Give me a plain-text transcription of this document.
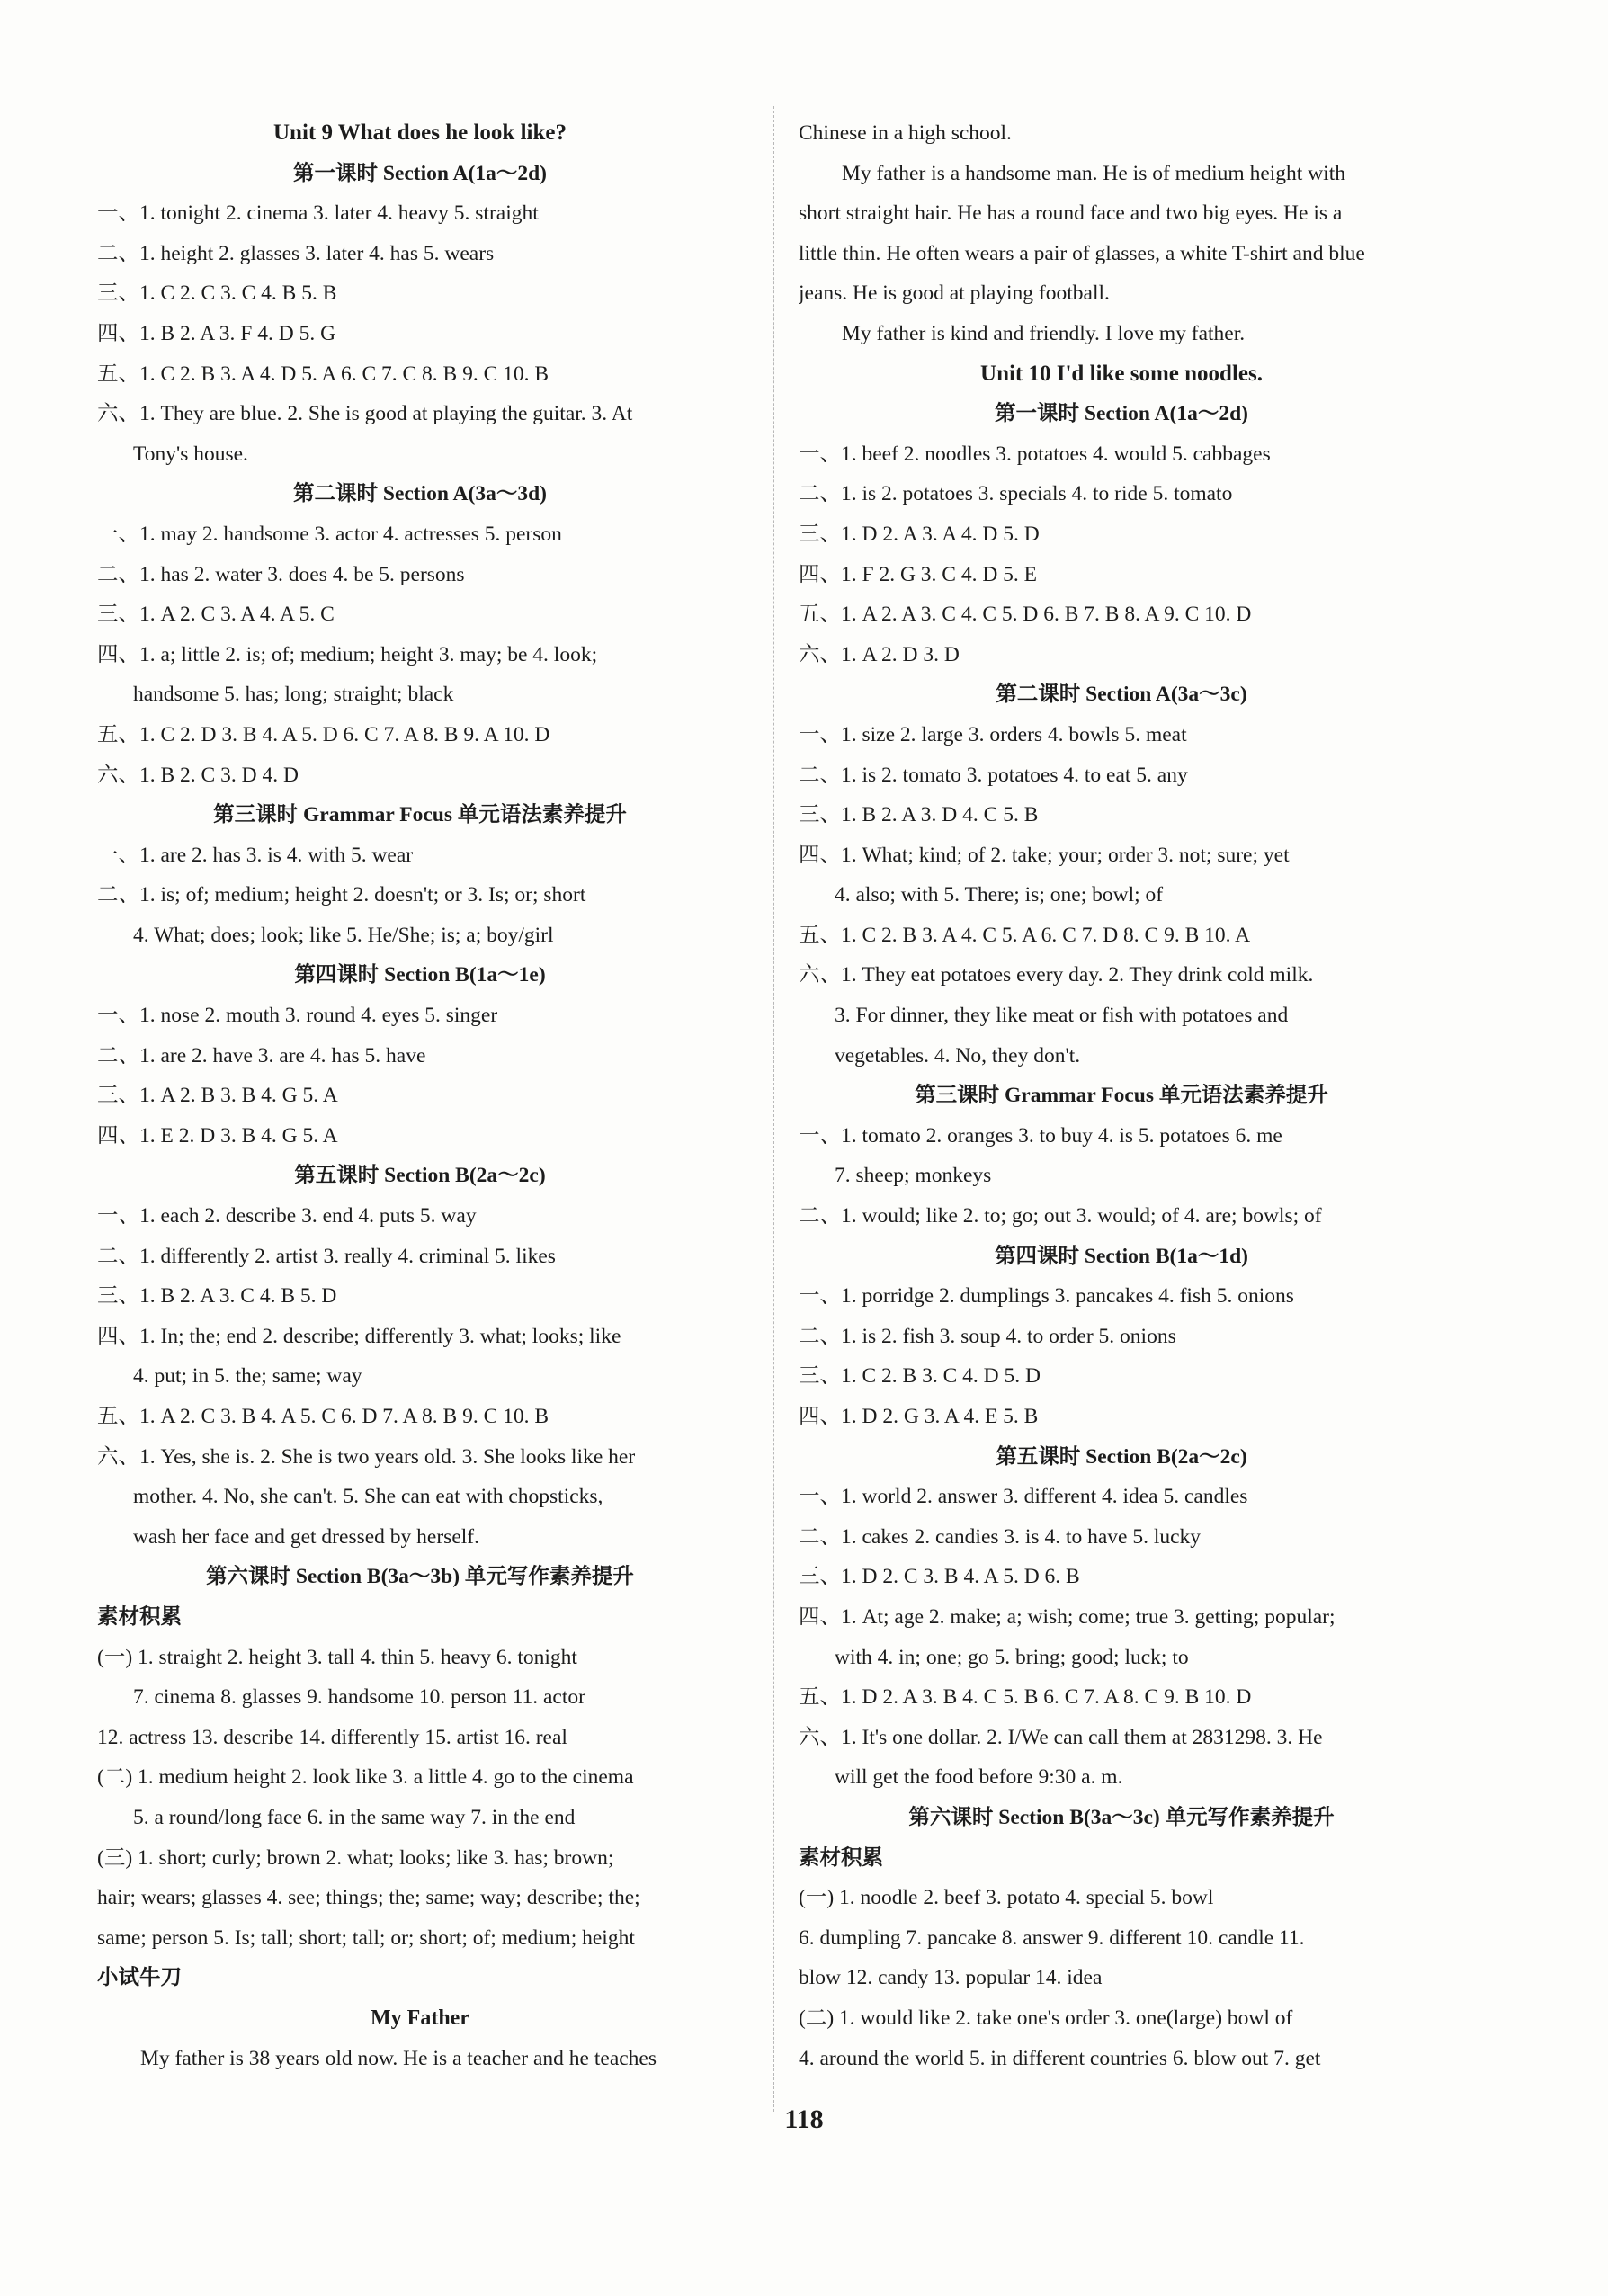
Unit 9 What does he look like?
第一课时 Section A(1a～2d)
一、1. tonight 2. cinema 3. later 4. heavy 5. straight
二、1. height 2. glasses 3. later 4. has 5. wears
三、1. C 2. C 3. C 4. B 5. B
四、1. B 2. A 3. F 4. D 5. G
五、1. C 2. B 3. A 4. D 5. A 6. C 7. C 8. B 9. C 10. B
六、1. They are blue. 2. She is good at playing the guitar. 3. At
Tony's house.
第二课时 Section A(3a～3d)
一、1. may 2. handsome 3. actor 4. actresses 5. person
二、1. has 2. water 3. does 4. be 5. persons
三、1. A 2. C 3. A 4. A 5. C
四、1. a; little 2. is; of; medium; height 3. may; be 4. look;
handsome 5. has; long; straight; black
五、1. C 2. D 3. B 4. A 5. D 6. C 7. A 8. B 9. A 10. D
六、1. B 2. C 3. D 4. D
第三课时 Grammar Focus 单元语法素养提升
一、1. are 2. has 3. is 4. with 5. wear
二、1. is; of; medium; height 2. doesn't; or 3. Is; or; short
4. What; does; look; like 5. He/She; is; a; boy/girl
第四课时 Section B(1a～1e)
一、1. nose 2. mouth 3. round 4. eyes 5. singer
二、1. are 2. have 3. are 4. has 5. have
三、1. A 2. B 3. B 4. G 5. A
四、1. E 2. D 3. B 4. G 5. A
第五课时 Section B(2a～2c)
一、1. each 2. describe 3. end 4. puts 5. way
二、1. differently 2. artist 3. really 4. criminal 5. likes
三、1. B 2. A 3. C 4. B 5. D
四、1. In; the; end 2. describe; differently 3. what; looks; like
4. put; in 5. the; same; way
五、1. A 2. C 3. B 4. A 5. C 6. D 7. A 8. B 9. C 10. B
六、1. Yes, she is. 2. She is two years old. 3. She looks like her
mother. 4. No, she can't. 5. She can eat with chopsticks,
wash her face and get dressed by herself.
第六课时 Section B(3a～3b) 单元写作素养提升
素材积累
(一) 1. straight 2. height 3. tall 4. thin 5. heavy 6. tonight
7. cinema 8. glasses 9. handsome 10. person 11. actor
12. actress 13. describe 14. differently 15. artist 16. real
(二) 1. medium height 2. look like 3. a little 4. go to the cinema
5. a round/long face 6. in the same way 7. in the end
(三) 1. short; curly; brown 2. what; looks; like 3. has; brown;
hair; wears; glasses 4. see; things; the; same; way; describe; the;
same; person 5. Is; tall; short; tall; or; short; of; medium; height
小试牛刀
My Father
My father is 38 years old now. He is a teacher and he teaches
Chinese in a high school.
My father is a handsome man. He is of medium height with
short straight hair. He has a round face and two big eyes. He is a
little thin. He often wears a pair of glasses, a white T-shirt and blue
jeans. He is good at playing football.
My father is kind and friendly. I love my father.
Unit 10 I'd like some noodles.
第一课时 Section A(1a～2d)
一、1. beef 2. noodles 3. potatoes 4. would 5. cabbages
二、1. is 2. potatoes 3. specials 4. to ride 5. tomato
三、1. D 2. A 3. A 4. D 5. D
四、1. F 2. G 3. C 4. D 5. E
五、1. A 2. A 3. C 4. C 5. D 6. B 7. B 8. A 9. C 10. D
六、1. A 2. D 3. D
第二课时 Section A(3a～3c)
一、1. size 2. large 3. orders 4. bowls 5. meat
二、1. is 2. tomato 3. potatoes 4. to eat 5. any
三、1. B 2. A 3. D 4. C 5. B
四、1. What; kind; of 2. take; your; order 3. not; sure; yet
4. also; with 5. There; is; one; bowl; of
五、1. C 2. B 3. A 4. C 5. A 6. C 7. D 8. C 9. B 10. A
六、1. They eat potatoes every day. 2. They drink cold milk.
3. For dinner, they like meat or fish with potatoes and
vegetables. 4. No, they don't.
第三课时 Grammar Focus 单元语法素养提升
一、1. tomato 2. oranges 3. to buy 4. is 5. potatoes 6. me
7. sheep; monkeys
二、1. would; like 2. to; go; out 3. would; of 4. are; bowls; of
第四课时 Section B(1a～1d)
一、1. porridge 2. dumplings 3. pancakes 4. fish 5. onions
二、1. is 2. fish 3. soup 4. to order 5. onions
三、1. C 2. B 3. C 4. D 5. D
四、1. D 2. G 3. A 4. E 5. B
第五课时 Section B(2a～2c)
一、1. world 2. answer 3. different 4. idea 5. candles
二、1. cakes 2. candies 3. is 4. to have 5. lucky
三、1. D 2. C 3. B 4. A 5. D 6. B
四、1. At; age 2. make; a; wish; come; true 3. getting; popular;
with 4. in; one; go 5. bring; good; luck; to
五、1. D 2. A 3. B 4. C 5. B 6. C 7. A 8. C 9. B 10. D
六、1. It's one dollar. 2. I/We can call them at 2831298. 3. He
will get the food before 9:30 a. m.
第六课时 Section B(3a～3c) 单元写作素养提升
素材积累
(一) 1. noodle 2. beef 3. potato 4. special 5. bowl
6. dumpling 7. pancake 8. answer 9. different 10. candle 11.
blow 12. candy 13. popular 14. idea
(二) 1. would like 2. take one's order 3. one(large) bowl of
4. around the world 5. in different countries 6. blow out 7. get
118
